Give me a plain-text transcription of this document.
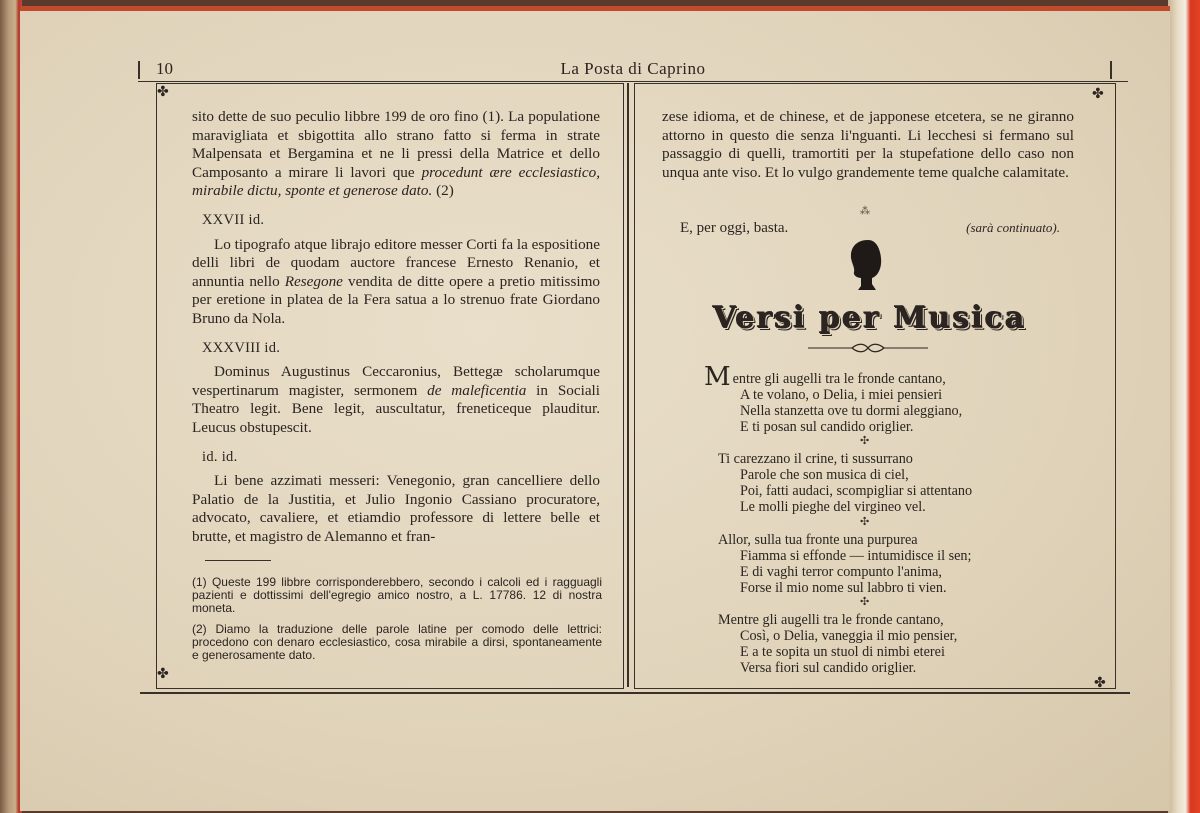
10	La Posta di Caprino
✤
✤
✤
✤

sito dette de suo peculio libbre 199 de oro fino (1). La populatione maravigliata et sbigottita allo strano fatto si ferma in strate Malpensata et Bergamina et ne li pressi della Matrice et dello Camposanto a mirare li lavori que procedunt ære ecclesiastico, mirabile dictu, sponte et generose dato. (2)

XXVII id.

Lo tipografo atque librajo editore messer Corti fa la espositione delli libri de quodam auctore francese Ernesto Renanio, et annuntia nello Resegone vendita de ditte opere a pretio mitissimo per eretione in platea de la Fera satua a lo strenuo frate Giordano Bruno da Nola.

XXXVIII id.

Dominus Augustinus Ceccaronius, Bettegæ scholarumque vespertinarum magister, sermonem de maleficentia in Sociali Theatro legit. Bene legit, auscultatur, freneticeque plauditur. Leucus obstupescit.

id. id.

Li bene azzimati messeri: Venegonio, gran cancelliere dello Palatio de la Justitia, et Julio Ingonio Cassiano procuratore, advocato, cavaliere, et etiamdio professore di lettere belle et brutte, et magistro de Alemanno et fran-

(1) Queste 199 libbre corrisponderebbero, secondo i calcoli ed i ragguagli pazienti e dottissimi dell'egregio amico nostro, a L. 17786. 12 di nostra moneta.
(2) Diamo la traduzione delle parole latine per comodo delle lettrici: procedono con denaro ecclesiastico, cosa mirabile a dirsi, spontaneamente e generosamente dato.

zese idioma, et de chinese, et de japponese etcetera, se ne giranno attorno in questo die senza li'nguanti. Li lecchesi si fermano sul passaggio di quelli, tramortiti per la stupefatione dello caso non unqua ante viso. Et lo vulgo grandemente teme qualche calamitate.

⁂
E, per oggi, basta.	(sarà continuato).
Versi per Musica

Mentre gli augelli tra le fronde cantano,

A te volano, o Delia, i miei pensieri

Nella stanzetta ove tu dormi aleggiano,

E ti posan sul candido origlier.

✣

Ti carezzano il crine, ti sussurrano

Parole che son musica di ciel,

Poi, fatti audaci, scompigliar si attentano

Le molli pieghe del virgineo vel.

✣

Allor, sulla tua fronte una purpurea

Fiamma si effonde — intumidisce il sen;

E di vaghi terror compunto l'anima,

Forse il mio nome sul labbro ti vien.

✣

Mentre gli augelli tra le fronde cantano,

Così, o Delia, vaneggia il mio pensier,

E a te sopita un stuol di nimbi eterei

Versa fiori sul candido origlier.
